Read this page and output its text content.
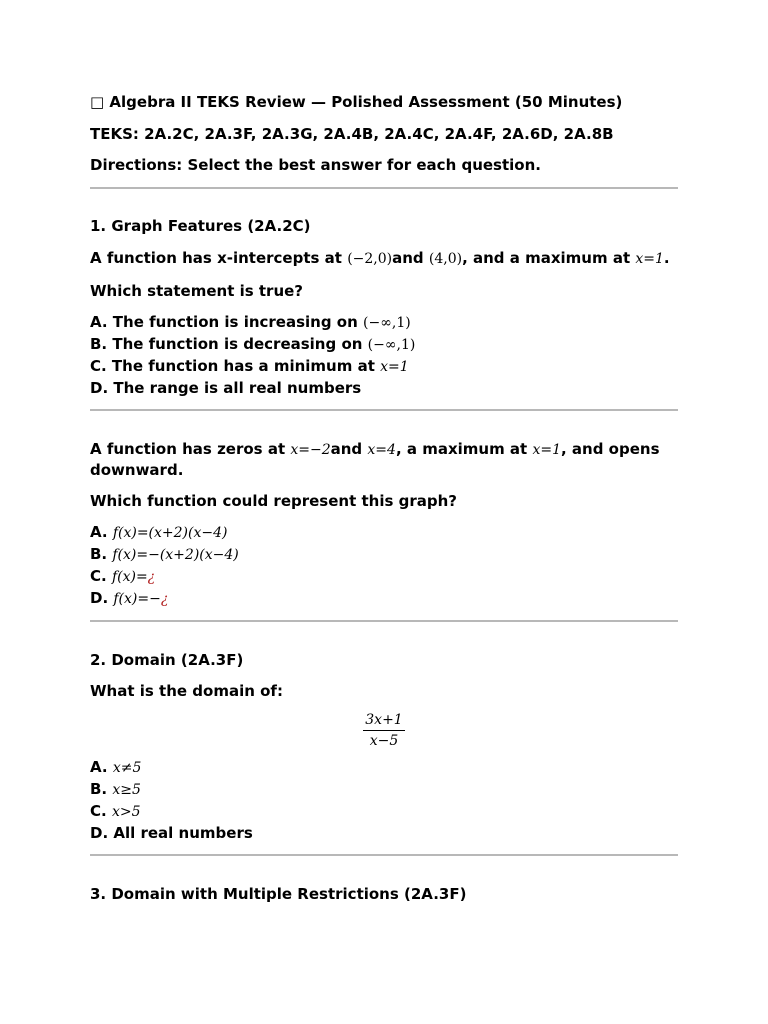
□ Algebra II TEKS Review — Polished Assessment (50 Minutes)
TEKS: 2A.2C, 2A.3F, 2A.3G, 2A.4B, 2A.4C, 2A.4F, 2A.6D, 2A.8B
Directions: Select the best answer for each question.
1. Graph Features (2A.2C)
A function has x-intercepts at (−2,0)and (4,0), and a maximum at x=1.
Which statement is true?
A. The function is increasing on (−∞,1)
B. The function is decreasing on (−∞,1)
C. The function has a minimum at x=1
D. The range is all real numbers
A function has zeros at x=−2and x=4, a maximum at x=1, and opens downward.
Which function could represent this graph?
A. f(x)=(x+2)(x−4)
B. f(x)=−(x+2)(x−4)
C. f(x)=¿
D. f(x)=−¿
2. Domain (2A.3F)
What is the domain of:
$\frac{3x+1}{x-5}$
A. x≠5
B. x≥5
C. x>5
D. All real numbers
3. Domain with Multiple Restrictions (2A.3F)
